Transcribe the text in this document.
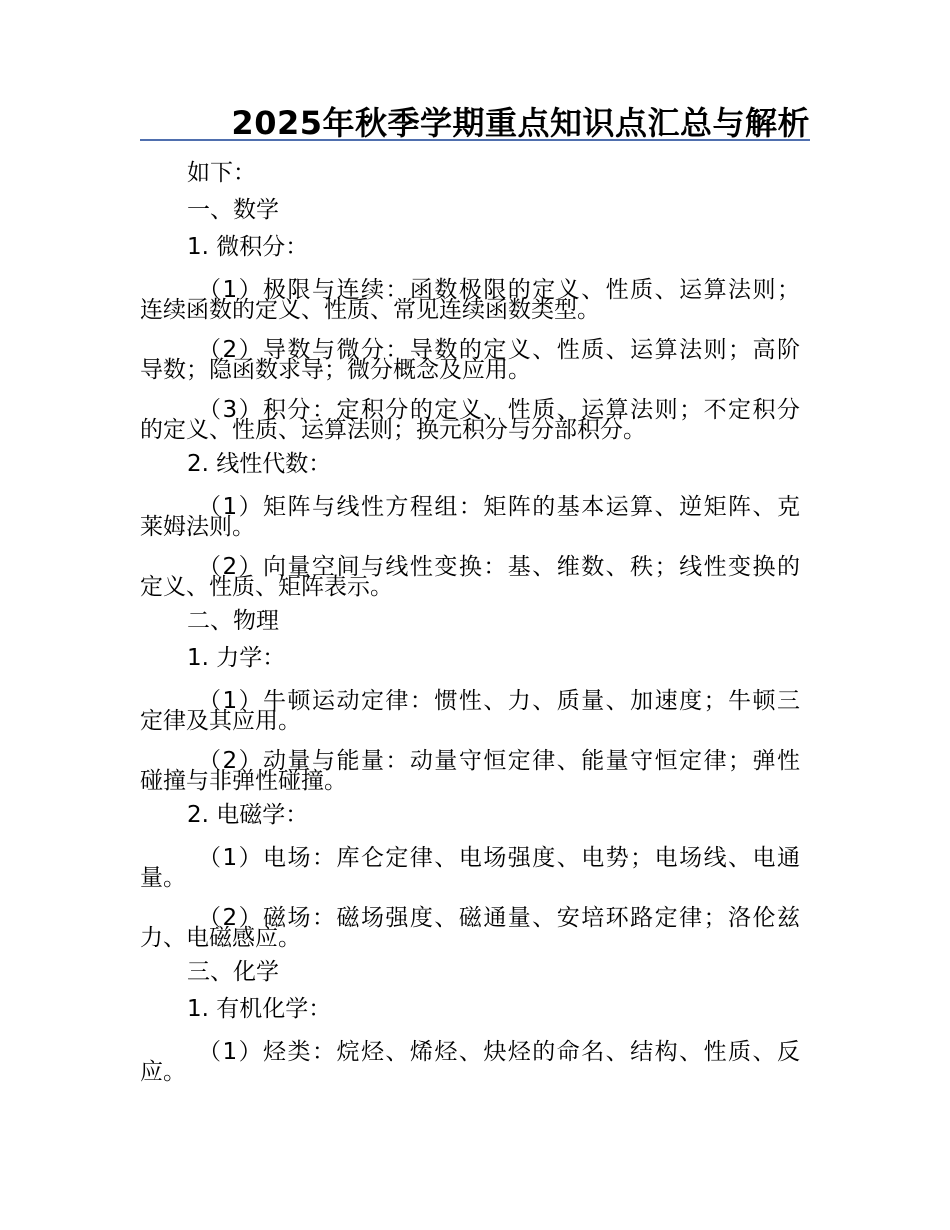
2025年秋季学期重点知识点汇总与解析
如下：
一、数学
1. 微积分：
（1）极限与连续：函数极限的定义、性质、运算法则；
连续函数的定义、性质、常见连续函数类型。
（2）导数与微分：导数的定义、性质、运算法则；高阶
导数；隐函数求导；微分概念及应用。
（3）积分：定积分的定义、性质、运算法则；不定积分
的定义、性质、运算法则；换元积分与分部积分。
2. 线性代数：
（1）矩阵与线性方程组：矩阵的基本运算、逆矩阵、克
莱姆法则。
（2）向量空间与线性变换：基、维数、秩；线性变换的
定义、性质、矩阵表示。
二、物理
1. 力学：
（1）牛顿运动定律：惯性、力、质量、加速度；牛顿三
定律及其应用。
（2）动量与能量：动量守恒定律、能量守恒定律；弹性
碰撞与非弹性碰撞。
2. 电磁学：
（1）电场：库仑定律、电场强度、电势；电场线、电通
量。
（2）磁场：磁场强度、磁通量、安培环路定律；洛伦兹
力、电磁感应。
三、化学
1. 有机化学：
（1）烃类：烷烃、烯烃、炔烃的命名、结构、性质、反
应。
